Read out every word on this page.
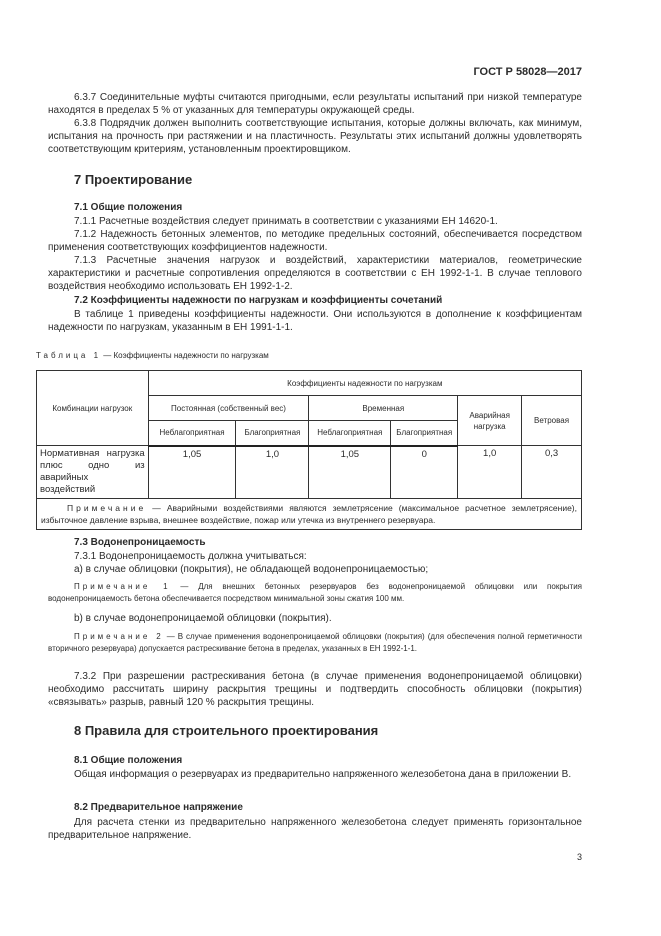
ГОСТ Р 58028—2017
6.3.7 Соединительные муфты считаются пригодными, если результаты испытаний при низкой температуре находятся в пределах 5 % от указанных для температуры окружающей среды.
6.3.8 Подрядчик должен выполнить соответствующие испытания, которые должны включать, как минимум, испытания на прочность при растяжении и на пластичность. Результаты этих испытаний должны удовлетворять соответствующим критериям, установленным проектировщиком.
7 Проектирование
7.1 Общие положения
7.1.1 Расчетные воздействия следует принимать в соответствии с указаниями ЕН 14620-1.
7.1.2 Надежность бетонных элементов, по методике предельных состояний, обеспечивается посредством применения соответствующих коэффициентов надежности.
7.1.3 Расчетные значения нагрузок и воздействий, характеристики материалов, геометрические характеристики и расчетные сопротивления определяются в соответствии с ЕН 1992-1-1. В случае теплового воздействия необходимо использовать ЕН 1992-1-2.
7.2 Коэффициенты надежности по нагрузкам и коэффициенты сочетаний
В таблице 1 приведены коэффициенты надежности. Они используются в дополнение к коэффициентам надежности по нагрузкам, указанным в ЕН 1991-1-1.
Таблица 1 — Коэффициенты надежности по нагрузкам
Комбинации нагрузок	Коэффициенты надежности по нагрузкам					
	Постоянная (собственный вес)		Временная		Аварийная нагрузка	Ветровая
	Неблагоприятная	Благоприятная	Неблагоприятная	Благоприятная		
Нормативная нагрузка плюс одно из аварийных воздействий	1,05	1,0	1,05	0	1,0	0,3
Примечание — Аварийными воздействиями являются землетрясение (максимальное расчетное землетрясение), избыточное давление взрыва, внешнее воздействие, пожар или утечка из внутреннего резервуара.						
7.3 Водонепроницаемость
7.3.1 Водонепроницаемость должна учитываться:
а) в случае облицовки (покрытия), не обладающей водонепроницаемостью;
Примечание 1 — Для внешних бетонных резервуаров без водонепроницаемой облицовки или покрытия водонепроницаемость бетона обеспечивается посредством минимальной зоны сжатия 100 мм.
b) в случае водонепроницаемой облицовки (покрытия).
Примечание 2 — В случае применения водонепроницаемой облицовки (покрытия) (для обеспечения полной герметичности вторичного резервуара) допускается растрескивание бетона в пределах, указанных в ЕН 1992-1-1.
7.3.2 При разрешении растрескивания бетона (в случае применения водонепроницаемой облицовки) необходимо рассчитать ширину раскрытия трещины и подтвердить способность облицовки (покрытия) «связывать» разрыв, равный 120 % раскрытия трещины.
8 Правила для строительного проектирования
8.1 Общие положения
Общая информация о резервуарах из предварительно напряженного железобетона дана в приложении В.
8.2 Предварительное напряжение
Для расчета стенки из предварительно напряженного железобетона следует применять горизонтальное предварительное напряжение.
3
